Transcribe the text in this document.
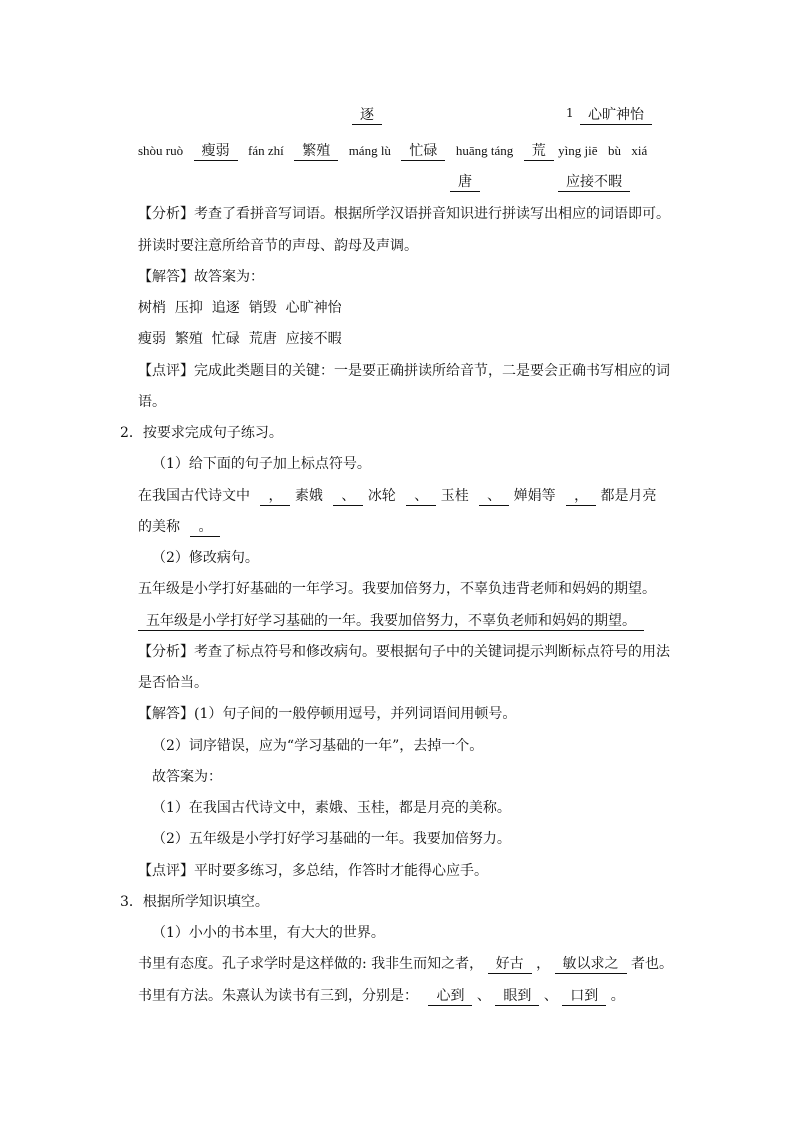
逐	1	心旷神怡
shòu ruò 瘦弱 fán zhí 繁殖 máng lù 忙碌 huāng táng 荒 yìng jiē bù xiá
唐	应接不暇
【分析】考查了看拼音写词语。根据所学汉语拼音知识进行拼读写出相应的词语即可。
拼读时要注意所给音节的声母、韵母及声调。
【解答】故答案为：
树梢  压抑  追逐  销毁  心旷神怡
瘦弱  繁殖  忙碌  荒唐  应接不暇
【点评】完成此类题目的关键：一是要正确拼读所给音节，二是要会正确书写相应的词
语。
2．按要求完成句子练习。
（1）给下面的句子加上标点符号。
在我国古代诗文中 ， 素娥 、 冰轮 、 玉桂 、 婵娟等 ， 都是月亮
的美称 。
（2）修改病句。
五年级是小学打好基础的一年学习。我要加倍努力，不辜负违背老师和妈妈的期望。
五年级是小学打好学习基础的一年。我要加倍努力，不辜负老师和妈妈的期望。
【分析】考查了标点符号和修改病句。要根据句子中的关键词提示判断标点符号的用法
是否恰当。
【解答】(1）句子间的一般停顿用逗号，并列词语间用顿号。
（2）词序错误，应为“学习基础的一年”，去掉一个。
故答案为：
（1）在我国古代诗文中，素娥、玉桂，都是月亮的美称。
（2）五年级是小学打好学习基础的一年。我要加倍努力。
【点评】平时要多练习，多总结，作答时才能得心应手。
3．根据所学知识填空。
（1）小小的书本里，有大大的世界。
书里有态度。孔子求学时是这样做的: 我非生而知之者， 好古 ， 敏以求之 者也。
书里有方法。朱熹认为读书有三到，分别是： 心到 、 眼到 、 口到 。
